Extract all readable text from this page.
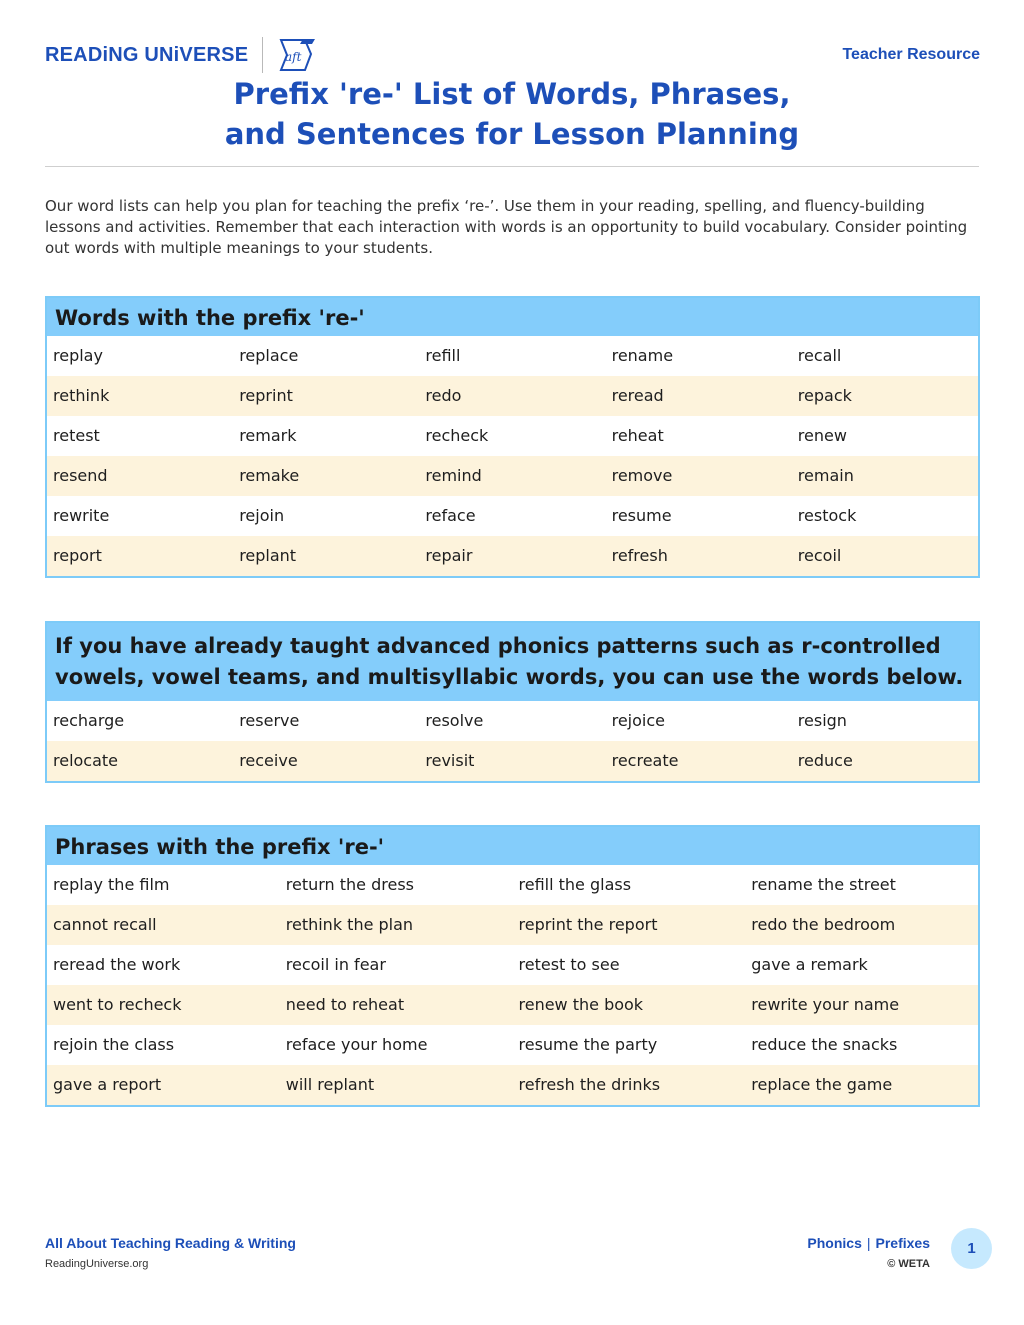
READiNG UNiVERSE	aft	Teacher Resource
Prefix 're-' List of Words, Phrases,
and Sentences for Lesson Planning

Our word lists can help you plan for teaching the prefix ‘re-’. Use them in your reading, spelling, and fluency-building lessons and activities. Remember that each interaction with words is an opportunity to build vocabulary. Consider pointing out words with multiple meanings to your students.

Words with the prefix 're-'
replay	replace	refill	rename	recall
rethink	reprint	redo	reread	repack
retest	remark	recheck	reheat	renew
resend	remake	remind	remove	remain
rewrite	rejoin	reface	resume	restock
report	replant	repair	refresh	recoil
If you have already taught advanced phonics patterns such as r-controlled
vowels, vowel teams, and multisyllabic words, you can use the words below.
recharge	reserve	resolve	rejoice	resign
relocate	receive	revisit	recreate	reduce
Phrases with the prefix 're-'
replay the film	return the dress	refill the glass	rename the street
cannot recall	rethink the plan	reprint the report	redo the bedroom
reread the work	recoil in fear	retest to see	gave a remark
went to recheck	need to reheat	renew the book	rewrite your name
rejoin the class	reface your home	resume the party	reduce the snacks
gave a report	will replant	refresh the drinks	replace the game
All About Teaching Reading & Writing
ReadingUniverse.org
Phonics | Prefixes
© WETA
1
